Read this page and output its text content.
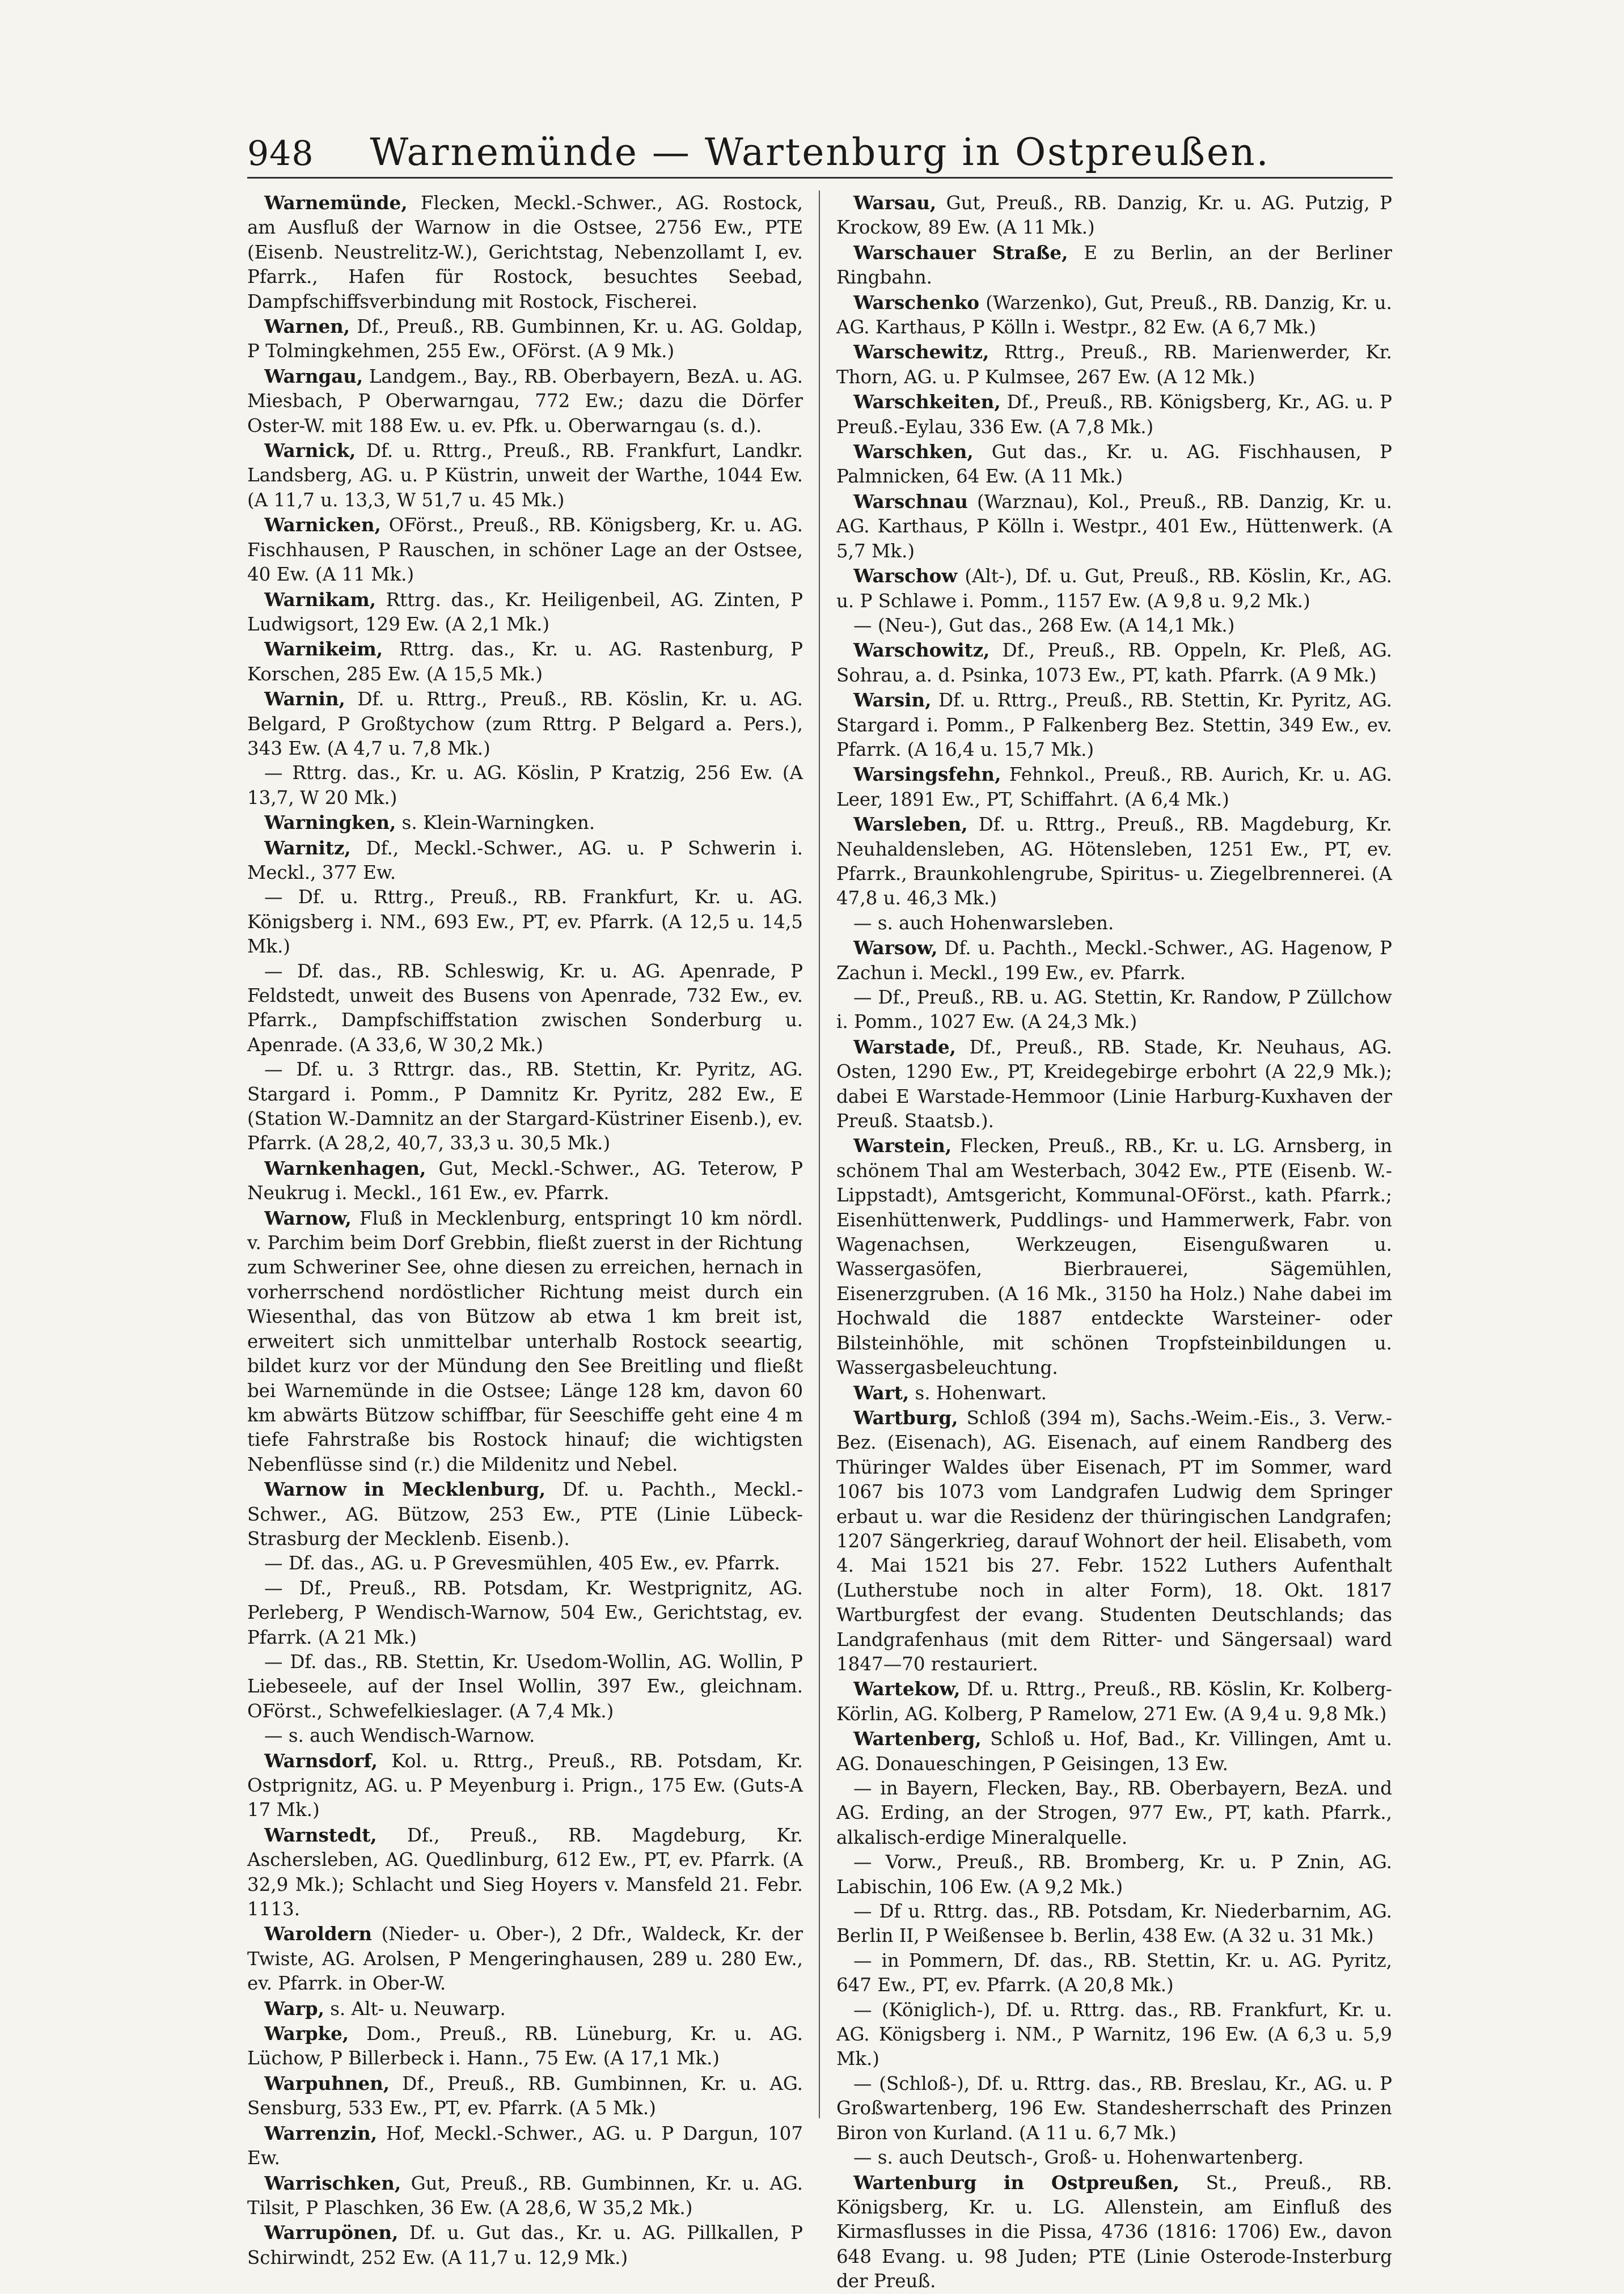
948	Warnemünde — Wartenburg in Ostpreußen.

Warnemünde, Flecken, Meckl.-Schwer., AG. Rostock, am Ausfluß der Warnow in die Ostsee, 2756 Ew., PTE (Eisenb. Neustrelitz-W.), Gerichtstag, Nebenzollamt I, ev. Pfarrk., Hafen für Rostock, besuchtes Seebad, Dampfschiffsverbindung mit Rostock, Fischerei.

Warnen, Df., Preuß., RB. Gumbinnen, Kr. u. AG. Goldap, P Tolmingkehmen, 255 Ew., OFörst. (A 9 Mk.)

Warngau, Landgem., Bay., RB. Oberbayern, BezA. u. AG. Miesbach, P Oberwarngau, 772 Ew.; dazu die Dörfer Oster-W. mit 188 Ew. u. ev. Pfk. u. Oberwarngau (s. d.).

Warnick, Df. u. Rttrg., Preuß., RB. Frankfurt, Landkr. Landsberg, AG. u. P Küstrin, unweit der Warthe, 1044 Ew. (A 11,7 u. 13,3, W 51,7 u. 45 Mk.)

Warnicken, OFörst., Preuß., RB. Königsberg, Kr. u. AG. Fischhausen, P Rauschen, in schöner Lage an der Ostsee, 40 Ew. (A 11 Mk.)

Warnikam, Rttrg. das., Kr. Heiligenbeil, AG. Zinten, P Ludwigsort, 129 Ew. (A 2,1 Mk.)

Warnikeim, Rttrg. das., Kr. u. AG. Rastenburg, P Korschen, 285 Ew. (A 15,5 Mk.)

Warnin, Df. u. Rttrg., Preuß., RB. Köslin, Kr. u. AG. Belgard, P Großtychow (zum Rttrg. P Belgard a. Pers.), 343 Ew. (A 4,7 u. 7,8 Mk.)

— Rttrg. das., Kr. u. AG. Köslin, P Kratzig, 256 Ew. (A 13,7, W 20 Mk.)

Warningken, s. Klein-Warningken.

Warnitz, Df., Meckl.-Schwer., AG. u. P Schwerin i. Meckl., 377 Ew.

— Df. u. Rttrg., Preuß., RB. Frankfurt, Kr. u. AG. Königsberg i. NM., 693 Ew., PT, ev. Pfarrk. (A 12,5 u. 14,5 Mk.)

— Df. das., RB. Schleswig, Kr. u. AG. Apenrade, P Feldstedt, unweit des Busens von Apenrade, 732 Ew., ev. Pfarrk., Dampfschiffstation zwischen Sonderburg u. Apenrade. (A 33,6, W 30,2 Mk.)

— Df. u. 3 Rttrgr. das., RB. Stettin, Kr. Pyritz, AG. Stargard i. Pomm., P Damnitz Kr. Pyritz, 282 Ew., E (Station W.-Damnitz an der Stargard-Küstriner Eisenb.), ev. Pfarrk. (A 28,2, 40,7, 33,3 u. 30,5 Mk.)

Warnkenhagen, Gut, Meckl.-Schwer., AG. Teterow, P Neukrug i. Meckl., 161 Ew., ev. Pfarrk.

Warnow, Fluß in Mecklenburg, entspringt 10 km nördl. v. Parchim beim Dorf Grebbin, fließt zuerst in der Richtung zum Schweriner See, ohne diesen zu erreichen, hernach in vorherrschend nordöstlicher Richtung meist durch ein Wiesenthal, das von Bützow ab etwa 1 km breit ist, erweitert sich unmittelbar unterhalb Rostock seeartig, bildet kurz vor der Mündung den See Breitling und fließt bei Warnemünde in die Ostsee; Länge 128 km, davon 60 km abwärts Bützow schiffbar, für Seeschiffe geht eine 4 m tiefe Fahrstraße bis Rostock hinauf; die wichtigsten Nebenflüsse sind (r.) die Mildenitz und Nebel.

Warnow in Mecklenburg, Df. u. Pachth., Meckl.-Schwer., AG. Bützow, 253 Ew., PTE (Linie Lübeck-Strasburg der Mecklenb. Eisenb.).

— Df. das., AG. u. P Grevesmühlen, 405 Ew., ev. Pfarrk.

— Df., Preuß., RB. Potsdam, Kr. Westprignitz, AG. Perleberg, P Wendisch-Warnow, 504 Ew., Gerichtstag, ev. Pfarrk. (A 21 Mk.)

— Df. das., RB. Stettin, Kr. Usedom-Wollin, AG. Wollin, P Liebeseele, auf der Insel Wollin, 397 Ew., gleichnam. OFörst., Schwefelkieslager. (A 7,4 Mk.)

— s. auch Wendisch-Warnow.

Warnsdorf, Kol. u. Rttrg., Preuß., RB. Potsdam, Kr. Ostprignitz, AG. u. P Meyenburg i. Prign., 175 Ew. (Guts-A 17 Mk.)

Warnstedt, Df., Preuß., RB. Magdeburg, Kr. Aschersleben, AG. Quedlinburg, 612 Ew., PT, ev. Pfarrk. (A 32,9 Mk.); Schlacht und Sieg Hoyers v. Mansfeld 21. Febr. 1113.

Waroldern (Nieder- u. Ober-), 2 Dfr., Waldeck, Kr. der Twiste, AG. Arolsen, P Mengeringhausen, 289 u. 280 Ew., ev. Pfarrk. in Ober-W.

Warp, s. Alt- u. Neuwarp.

Warpke, Dom., Preuß., RB. Lüneburg, Kr. u. AG. Lüchow, P Billerbeck i. Hann., 75 Ew. (A 17,1 Mk.)

Warpuhnen, Df., Preuß., RB. Gumbinnen, Kr. u. AG. Sensburg, 533 Ew., PT, ev. Pfarrk. (A 5 Mk.)

Warrenzin, Hof, Meckl.-Schwer., AG. u. P Dargun, 107 Ew.

Warrischken, Gut, Preuß., RB. Gumbinnen, Kr. u. AG. Tilsit, P Plaschken, 36 Ew. (A 28,6, W 35,2 Mk.)

Warrupönen, Df. u. Gut das., Kr. u. AG. Pillkallen, P Schirwindt, 252 Ew. (A 11,7 u. 12,9 Mk.)

Warsau, Gut, Preuß., RB. Danzig, Kr. u. AG. Putzig, P Krockow, 89 Ew. (A 11 Mk.)

Warschauer Straße, E zu Berlin, an der Berliner Ringbahn.

Warschenko (Warzenko), Gut, Preuß., RB. Danzig, Kr. u. AG. Karthaus, P Kölln i. Westpr., 82 Ew. (A 6,7 Mk.)

Warschewitz, Rttrg., Preuß., RB. Marienwerder, Kr. Thorn, AG. u. P Kulmsee, 267 Ew. (A 12 Mk.)

Warschkeiten, Df., Preuß., RB. Königsberg, Kr., AG. u. P Preuß.-Eylau, 336 Ew. (A 7,8 Mk.)

Warschken, Gut das., Kr. u. AG. Fischhausen, P Palmnicken, 64 Ew. (A 11 Mk.)

Warschnau (Warznau), Kol., Preuß., RB. Danzig, Kr. u. AG. Karthaus, P Kölln i. Westpr., 401 Ew., Hüttenwerk. (A 5,7 Mk.)

Warschow (Alt-), Df. u. Gut, Preuß., RB. Köslin, Kr., AG. u. P Schlawe i. Pomm., 1157 Ew. (A 9,8 u. 9,2 Mk.)

— (Neu-), Gut das., 268 Ew. (A 14,1 Mk.)

Warschowitz, Df., Preuß., RB. Oppeln, Kr. Pleß, AG. Sohrau, a. d. Psinka, 1073 Ew., PT, kath. Pfarrk. (A 9 Mk.)

Warsin, Df. u. Rttrg., Preuß., RB. Stettin, Kr. Pyritz, AG. Stargard i. Pomm., P Falkenberg Bez. Stettin, 349 Ew., ev. Pfarrk. (A 16,4 u. 15,7 Mk.)

Warsingsfehn, Fehnkol., Preuß., RB. Aurich, Kr. u. AG. Leer, 1891 Ew., PT, Schiffahrt. (A 6,4 Mk.)

Warsleben, Df. u. Rttrg., Preuß., RB. Magdeburg, Kr. Neuhaldensleben, AG. Hötensleben, 1251 Ew., PT, ev. Pfarrk., Braunkohlengrube, Spiritus- u. Ziegelbrennerei. (A 47,8 u. 46,3 Mk.)

— s. auch Hohenwarsleben.

Warsow, Df. u. Pachth., Meckl.-Schwer., AG. Hagenow, P Zachun i. Meckl., 199 Ew., ev. Pfarrk.

— Df., Preuß., RB. u. AG. Stettin, Kr. Randow, P Züllchow i. Pomm., 1027 Ew. (A 24,3 Mk.)

Warstade, Df., Preuß., RB. Stade, Kr. Neuhaus, AG. Osten, 1290 Ew., PT, Kreidegebirge erbohrt (A 22,9 Mk.); dabei E Warstade-Hemmoor (Linie Harburg-Kuxhaven der Preuß. Staatsb.).

Warstein, Flecken, Preuß., RB., Kr. u. LG. Arnsberg, in schönem Thal am Westerbach, 3042 Ew., PTE (Eisenb. W.-Lippstadt), Amtsgericht, Kommunal-OFörst., kath. Pfarrk.; Eisenhüttenwerk, Puddlings- und Hammerwerk, Fabr. von Wagenachsen, Werkzeugen, Eisengußwaren u. Wassergasöfen, Bierbrauerei, Sägemühlen, Eisenerzgruben. (A 16 Mk., 3150 ha Holz.) Nahe dabei im Hochwald die 1887 entdeckte Warsteiner- oder Bilsteinhöhle, mit schönen Tropfsteinbildungen u. Wassergasbeleuchtung.

Wart, s. Hohenwart.

Wartburg, Schloß (394 m), Sachs.-Weim.-Eis., 3. Verw.-Bez. (Eisenach), AG. Eisenach, auf einem Randberg des Thüringer Waldes über Eisenach, PT im Sommer, ward 1067 bis 1073 vom Landgrafen Ludwig dem Springer erbaut u. war die Residenz der thüringischen Landgrafen; 1207 Sängerkrieg, darauf Wohnort der heil. Elisabeth, vom 4. Mai 1521 bis 27. Febr. 1522 Luthers Aufenthalt (Lutherstube noch in alter Form), 18. Okt. 1817 Wartburgfest der evang. Studenten Deutschlands; das Landgrafenhaus (mit dem Ritter- und Sängersaal) ward 1847—70 restauriert.

Wartekow, Df. u. Rttrg., Preuß., RB. Köslin, Kr. Kolberg-Körlin, AG. Kolberg, P Ramelow, 271 Ew. (A 9,4 u. 9,8 Mk.)

Wartenberg, Schloß u. Hof, Bad., Kr. Villingen, Amt u. AG. Donaueschingen, P Geisingen, 13 Ew.

— in Bayern, Flecken, Bay., RB. Oberbayern, BezA. und AG. Erding, an der Strogen, 977 Ew., PT, kath. Pfarrk., alkalisch-erdige Mineralquelle.

— Vorw., Preuß., RB. Bromberg, Kr. u. P Znin, AG. Labischin, 106 Ew. (A 9,2 Mk.)

— Df u. Rttrg. das., RB. Potsdam, Kr. Niederbarnim, AG. Berlin II, P Weißensee b. Berlin, 438 Ew. (A 32 u. 31 Mk.)

— in Pommern, Df. das., RB. Stettin, Kr. u. AG. Pyritz, 647 Ew., PT, ev. Pfarrk. (A 20,8 Mk.)

— (Königlich-), Df. u. Rttrg. das., RB. Frankfurt, Kr. u. AG. Königsberg i. NM., P Warnitz, 196 Ew. (A 6,3 u. 5,9 Mk.)

— (Schloß-), Df. u. Rttrg. das., RB. Breslau, Kr., AG. u. P Großwartenberg, 196 Ew. Standesherrschaft des Prinzen Biron von Kurland. (A 11 u. 6,7 Mk.)

— s. auch Deutsch-, Groß- u. Hohenwartenberg.

Wartenburg in Ostpreußen, St., Preuß., RB. Königsberg, Kr. u. LG. Allenstein, am Einfluß des Kirmasflusses in die Pissa, 4736 (1816: 1706) Ew., davon 648 Evang. u. 98 Juden; PTE (Linie Osterode-Insterburg der Preuß.
